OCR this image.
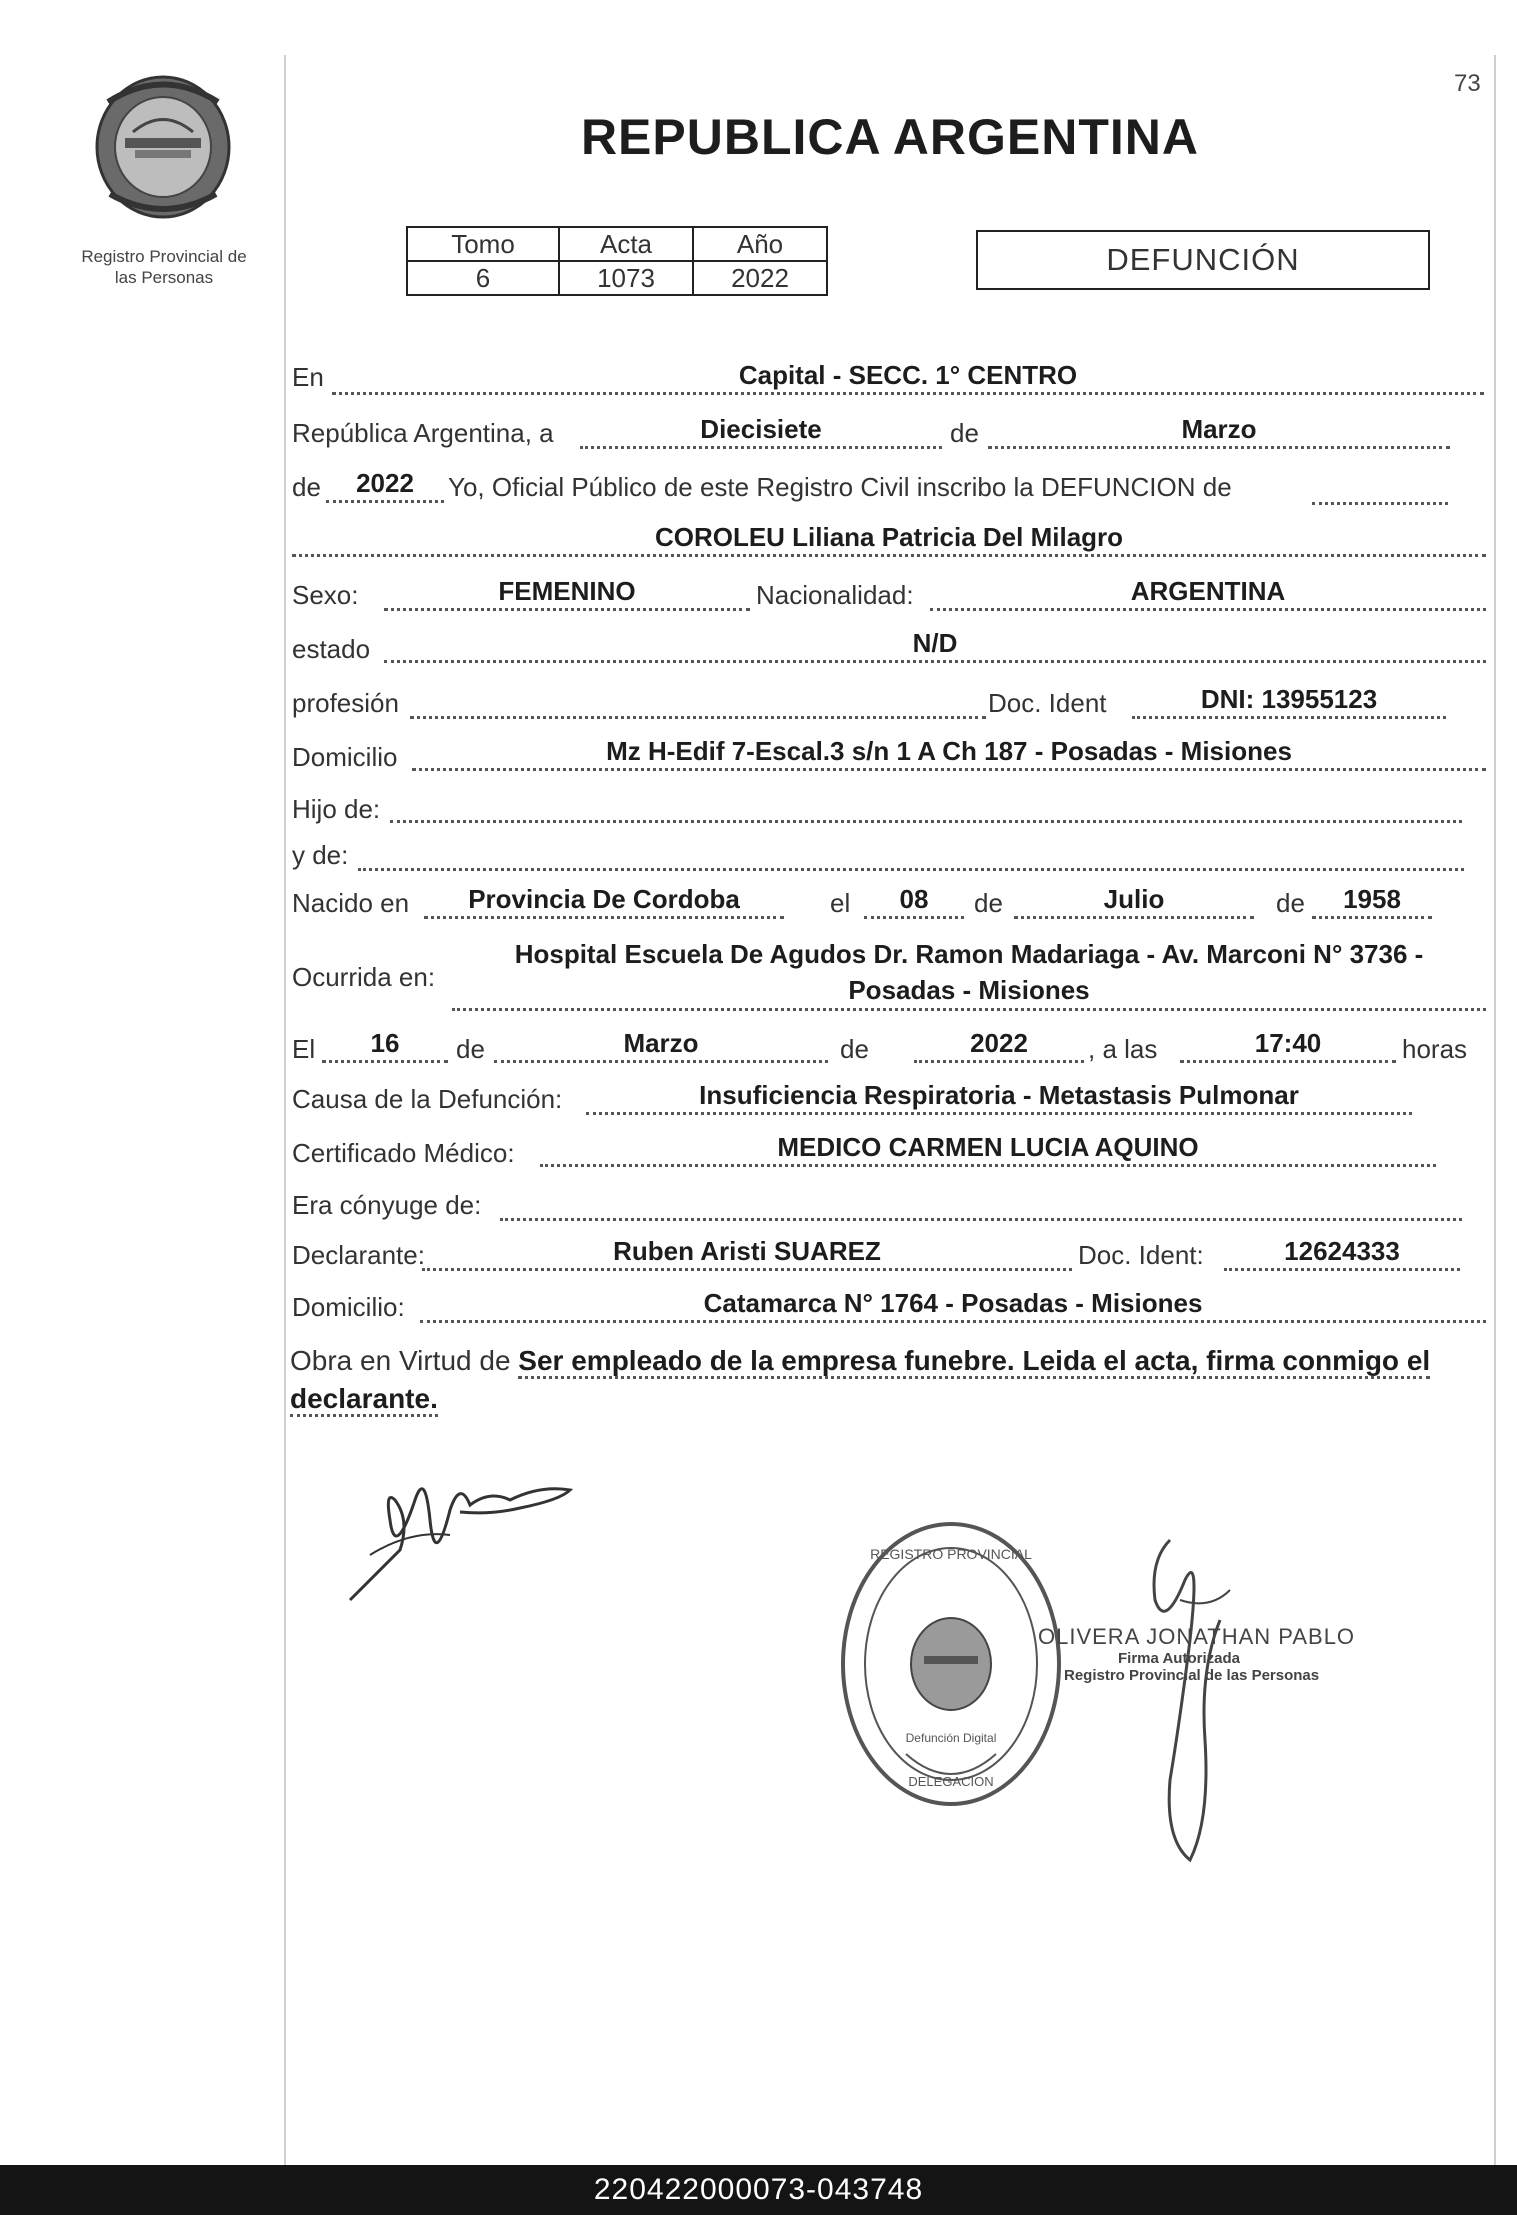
73
Registro Provincial de
las Personas
REPUBLICA ARGENTINA
Tomo	Acta	Año
6	1073	2022
DEFUNCIÓN
En	Capital - SECC. 1° CENTRO
República Argentina, a	Diecisiete	de	Marzo
de	2022	Yo, Oficial Público de este Registro Civil inscribo la DEFUNCION de
COROLEU Liliana Patricia Del Milagro
Sexo:	FEMENINO	Nacionalidad:	ARGENTINA
estado	N/D
profesión	Doc. Ident	DNI: 13955123
Domicilio	Mz H-Edif 7-Escal.3 s/n 1 A Ch 187 - Posadas - Misiones
Hijo de:
y de:
Nacido en	Provincia De Cordoba	el	08	de	Julio	de	1958
Ocurrida en:
Hospital Escuela De Agudos Dr. Ramon Madariaga - Av. Marconi N° 3736 -
Posadas - Misiones
El	16	de	Marzo	de	2022	, a las	17:40	horas
Causa de la Defunción:	Insuficiencia Respiratoria - Metastasis Pulmonar
Certificado Médico:	MEDICO CARMEN LUCIA AQUINO
Era cónyuge de:
Declarante:	Ruben Aristi SUAREZ	Doc. Ident:	12624333
Domicilio:	Catamarca N° 1764 - Posadas - Misiones
Obra en Virtud de Ser empleado de la empresa funebre. Leida el acta, firma conmigo el declarante.
REGISTRO PROVINCIAL
DELEGACION
Defunción Digital
OLIVERA JONATHAN PABLO
Firma Autorizada
Registro Provincial de las Personas
220422000073-043748
